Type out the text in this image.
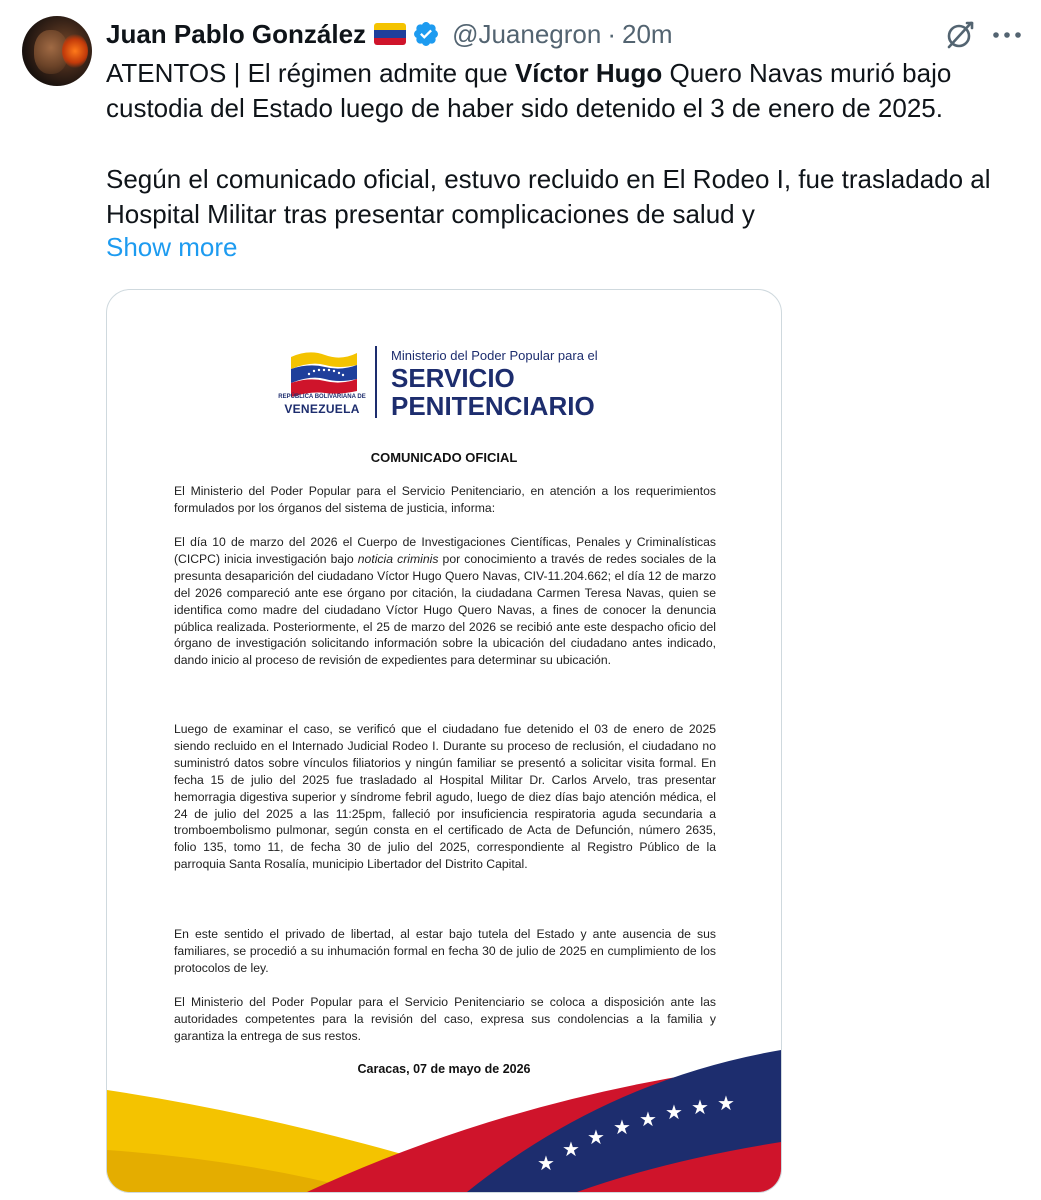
Juan Pablo González	@Juanegron · 20m

ATENTOS | El régimen admite que Víctor Hugo Quero Navas murió bajo custodia del Estado luego de haber sido detenido el 3 de enero de 2025.

Según el comunicado oficial, estuvo recluido en El Rodeo I, fue trasladado al Hospital Militar tras presentar complicaciones de salud y

Show more
REPÚBLICA BOLIVARIANA DE
VENEZUELA
Ministerio del Poder Popular para el
SERVICIO
PENITENCIARIO
COMUNICADO OFICIAL
El Ministerio del Poder Popular para el Servicio Penitenciario, en atención a los requerimientos formulados por los órganos del sistema de justicia, informa:
El día 10 de marzo del 2026 el Cuerpo de Investigaciones Científicas, Penales y Criminalísticas (CICPC) inicia investigación bajo noticia criminis por conocimiento a través de redes sociales de la presunta desaparición del ciudadano Víctor Hugo Quero Navas, CIV-11.204.662; el día 12 de marzo del 2026 compareció ante ese órgano por citación, la ciudadana Carmen Teresa Navas, quien se identifica como madre del ciudadano Víctor Hugo Quero Navas, a fines de conocer la denuncia pública realizada. Posteriormente, el 25 de marzo del 2026 se recibió ante este despacho oficio del órgano de investigación solicitando información sobre la ubicación del ciudadano antes indicado, dando inicio al proceso de revisión de expedientes para determinar su ubicación.
Luego de examinar el caso, se verificó que el ciudadano fue detenido el 03 de enero de 2025 siendo recluido en el Internado Judicial Rodeo I. Durante su proceso de reclusión, el ciudadano no suministró datos sobre vínculos filiatorios y ningún familiar se presentó a solicitar visita formal. En fecha 15 de julio del 2025 fue trasladado al Hospital Militar Dr. Carlos Arvelo, tras presentar hemorragia digestiva superior y síndrome febril agudo, luego de diez días bajo atención médica, el 24 de julio del 2025 a las 11:25pm, falleció por insuficiencia respiratoria aguda secundaria a tromboembolismo pulmonar, según consta en el certificado de Acta de Defunción, número 2635, folio 135, tomo 11, de fecha 30 de julio del 2025, correspondiente al Registro Público de la parroquia Santa Rosalía, municipio Libertador del Distrito Capital.
En este sentido el privado de libertad, al estar bajo tutela del Estado y ante ausencia de sus familiares, se procedió a su inhumación formal en fecha 30 de julio de 2025 en cumplimiento de los protocolos de ley.
El Ministerio del Poder Popular para el Servicio Penitenciario se coloca a disposición ante las autoridades competentes para la revisión del caso, expresa sus condolencias a la familia y garantiza la entrega de sus restos.
★
★ ★ ★ ★ ★ ★ ★
Caracas, 07 de mayo de 2026
